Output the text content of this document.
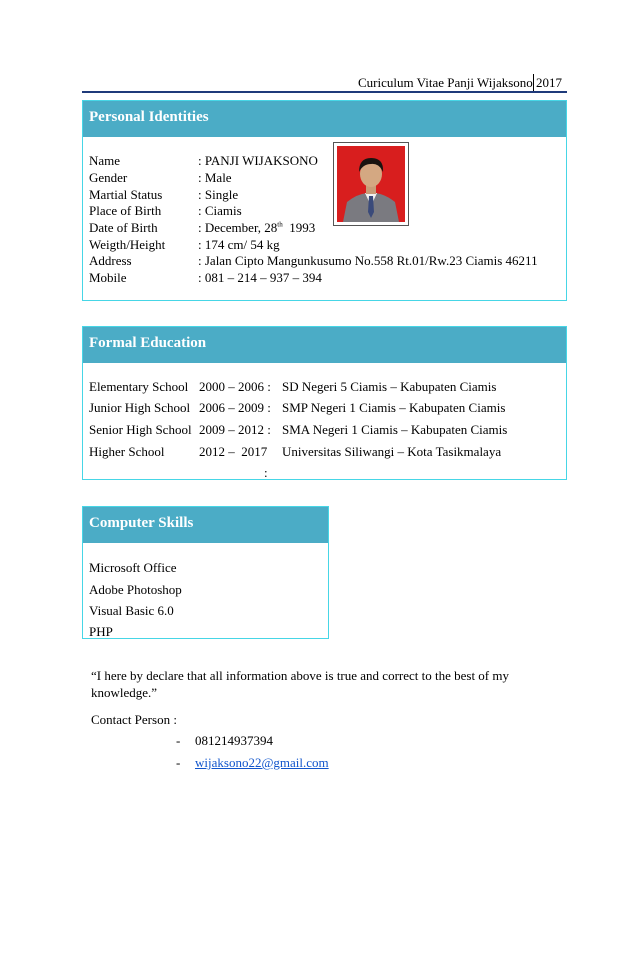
Curiculum Vitae Panji Wijaksono 2017
Personal Identities
Name	: PANJI WIJAKSONO
Gender	: Male
Martial Status	: Single
Place of Birth	: Ciamis
Date of Birth	: December, 28th  1993
Weigth/Height	: 174 cm/ 54 kg
Address	: Jalan Cipto Mangunkusumo No.558 Rt.01/Rw.23 Ciamis 46211
Mobile	: 081 – 214 – 937 – 394
Formal Education
Elementary School 2000 – 2006 : SD Negeri 5 Ciamis – Kabupaten Ciamis
Junior High School 2006 – 2009 : SMP Negeri 1 Ciamis – Kabupaten Ciamis
Senior High School 2009 – 2012 : SMA Negeri 1 Ciamis – Kabupaten Ciamis
Higher School	2012 –  2017 Universitas Siliwangi – Kota Tasikmalaya
:
Computer Skills
Microsoft Office
Adobe Photoshop
Visual Basic 6.0
PHP
“I here by declare that all information above is true and correct to the best of my knowledge.”
Contact Person :
- 081214937394
- wijaksono22@gmail.com
